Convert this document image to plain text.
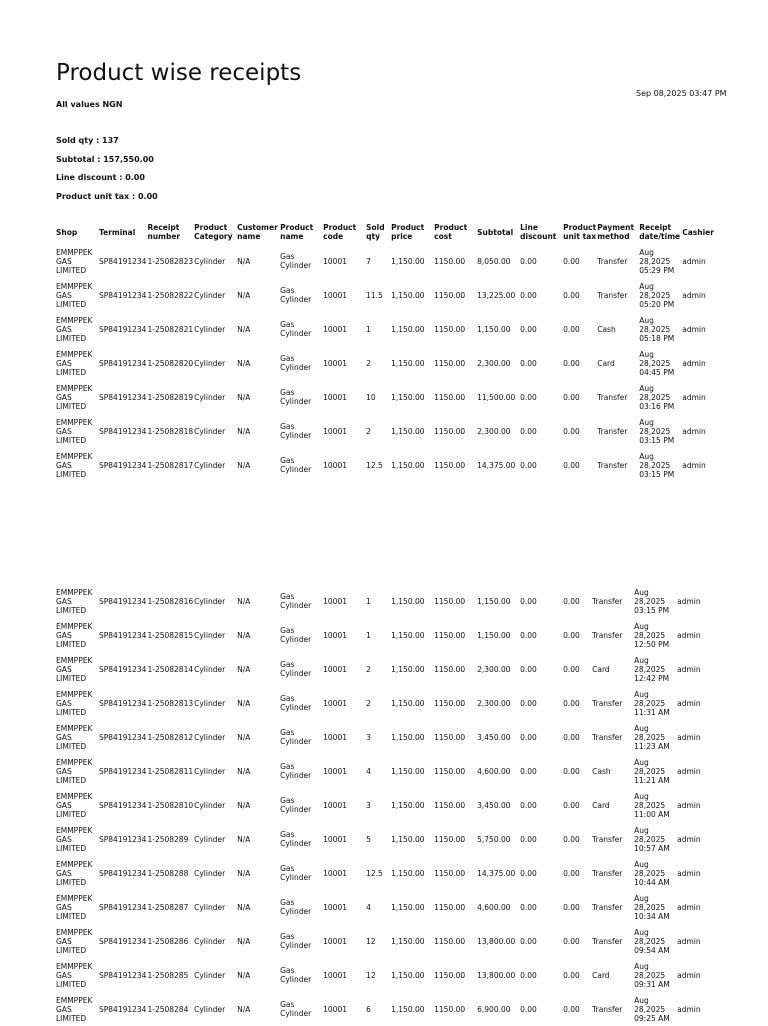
Product wise receipts
Sep 08,2025 03:47 PM
All values NGN
Sold qty : 137
Subtotal : 157,550.00
Line discount : 0.00
Product unit tax : 0.00
Shop	Terminal	Receipt number	Product Category	Customer name	Product name	Product code	Sold qty	Product price	Product cost	Subtotal	Line discount	Product unit tax	Payment method	Receipt date/time	Cashier
EMMPPEK GAS LIMITED	SP84191234	1-25082823	Cylinder	N/A	Gas Cylinder	10001	7	1,150.00	1150.00	8,050.00	0.00	0.00	Transfer	Aug 28,2025 05:29 PM	admin
EMMPPEK GAS LIMITED	SP84191234	1-25082822	Cylinder	N/A	Gas Cylinder	10001	11.5	1,150.00	1150.00	13,225.00	0.00	0.00	Transfer	Aug 28,2025 05:20 PM	admin
EMMPPEK GAS LIMITED	SP84191234	1-25082821	Cylinder	N/A	Gas Cylinder	10001	1	1,150.00	1150.00	1,150.00	0.00	0.00	Cash	Aug 28,2025 05:18 PM	admin
EMMPPEK GAS LIMITED	SP84191234	1-25082820	Cylinder	N/A	Gas Cylinder	10001	2	1,150.00	1150.00	2,300.00	0.00	0.00	Card	Aug 28,2025 04:45 PM	admin
EMMPPEK GAS LIMITED	SP84191234	1-25082819	Cylinder	N/A	Gas Cylinder	10001	10	1,150.00	1150.00	11,500.00	0.00	0.00	Transfer	Aug 28,2025 03:16 PM	admin
EMMPPEK GAS LIMITED	SP84191234	1-25082818	Cylinder	N/A	Gas Cylinder	10001	2	1,150.00	1150.00	2,300.00	0.00	0.00	Transfer	Aug 28,2025 03:15 PM	admin
EMMPPEK GAS LIMITED	SP84191234	1-25082817	Cylinder	N/A	Gas Cylinder	10001	12.5	1,150.00	1150.00	14,375.00	0.00	0.00	Transfer	Aug 28,2025 03:15 PM	admin
EMMPPEK GAS LIMITED	SP84191234	1-25082816	Cylinder	N/A	Gas Cylinder	10001	1	1,150.00	1150.00	1,150.00	0.00	0.00	Transfer	Aug 28,2025 03:15 PM	admin
EMMPPEK GAS LIMITED	SP84191234	1-25082815	Cylinder	N/A	Gas Cylinder	10001	1	1,150.00	1150.00	1,150.00	0.00	0.00	Transfer	Aug 28,2025 12:50 PM	admin
EMMPPEK GAS LIMITED	SP84191234	1-25082814	Cylinder	N/A	Gas Cylinder	10001	2	1,150.00	1150.00	2,300.00	0.00	0.00	Card	Aug 28,2025 12:42 PM	admin
EMMPPEK GAS LIMITED	SP84191234	1-25082813	Cylinder	N/A	Gas Cylinder	10001	2	1,150.00	1150.00	2,300.00	0.00	0.00	Transfer	Aug 28,2025 11:31 AM	admin
EMMPPEK GAS LIMITED	SP84191234	1-25082812	Cylinder	N/A	Gas Cylinder	10001	3	1,150.00	1150.00	3,450.00	0.00	0.00	Transfer	Aug 28,2025 11:23 AM	admin
EMMPPEK GAS LIMITED	SP84191234	1-25082811	Cylinder	N/A	Gas Cylinder	10001	4	1,150.00	1150.00	4,600.00	0.00	0.00	Cash	Aug 28,2025 11:21 AM	admin
EMMPPEK GAS LIMITED	SP84191234	1-25082810	Cylinder	N/A	Gas Cylinder	10001	3	1,150.00	1150.00	3,450.00	0.00	0.00	Card	Aug 28,2025 11:00 AM	admin
EMMPPEK GAS LIMITED	SP84191234	1-2508289	Cylinder	N/A	Gas Cylinder	10001	5	1,150.00	1150.00	5,750.00	0.00	0.00	Transfer	Aug 28,2025 10:57 AM	admin
EMMPPEK GAS LIMITED	SP84191234	1-2508288	Cylinder	N/A	Gas Cylinder	10001	12.5	1,150.00	1150.00	14,375.00	0.00	0.00	Transfer	Aug 28,2025 10:44 AM	admin
EMMPPEK GAS LIMITED	SP84191234	1-2508287	Cylinder	N/A	Gas Cylinder	10001	4	1,150.00	1150.00	4,600.00	0.00	0.00	Transfer	Aug 28,2025 10:34 AM	admin
EMMPPEK GAS LIMITED	SP84191234	1-2508286	Cylinder	N/A	Gas Cylinder	10001	12	1,150.00	1150.00	13,800.00	0.00	0.00	Transfer	Aug 28,2025 09:54 AM	admin
EMMPPEK GAS LIMITED	SP84191234	1-2508285	Cylinder	N/A	Gas Cylinder	10001	12	1,150.00	1150.00	13,800.00	0.00	0.00	Card	Aug 28,2025 09:31 AM	admin
EMMPPEK GAS LIMITED	SP84191234	1-2508284	Cylinder	N/A	Gas Cylinder	10001	6	1,150.00	1150.00	6,900.00	0.00	0.00	Transfer	Aug 28,2025 09:25 AM	admin
